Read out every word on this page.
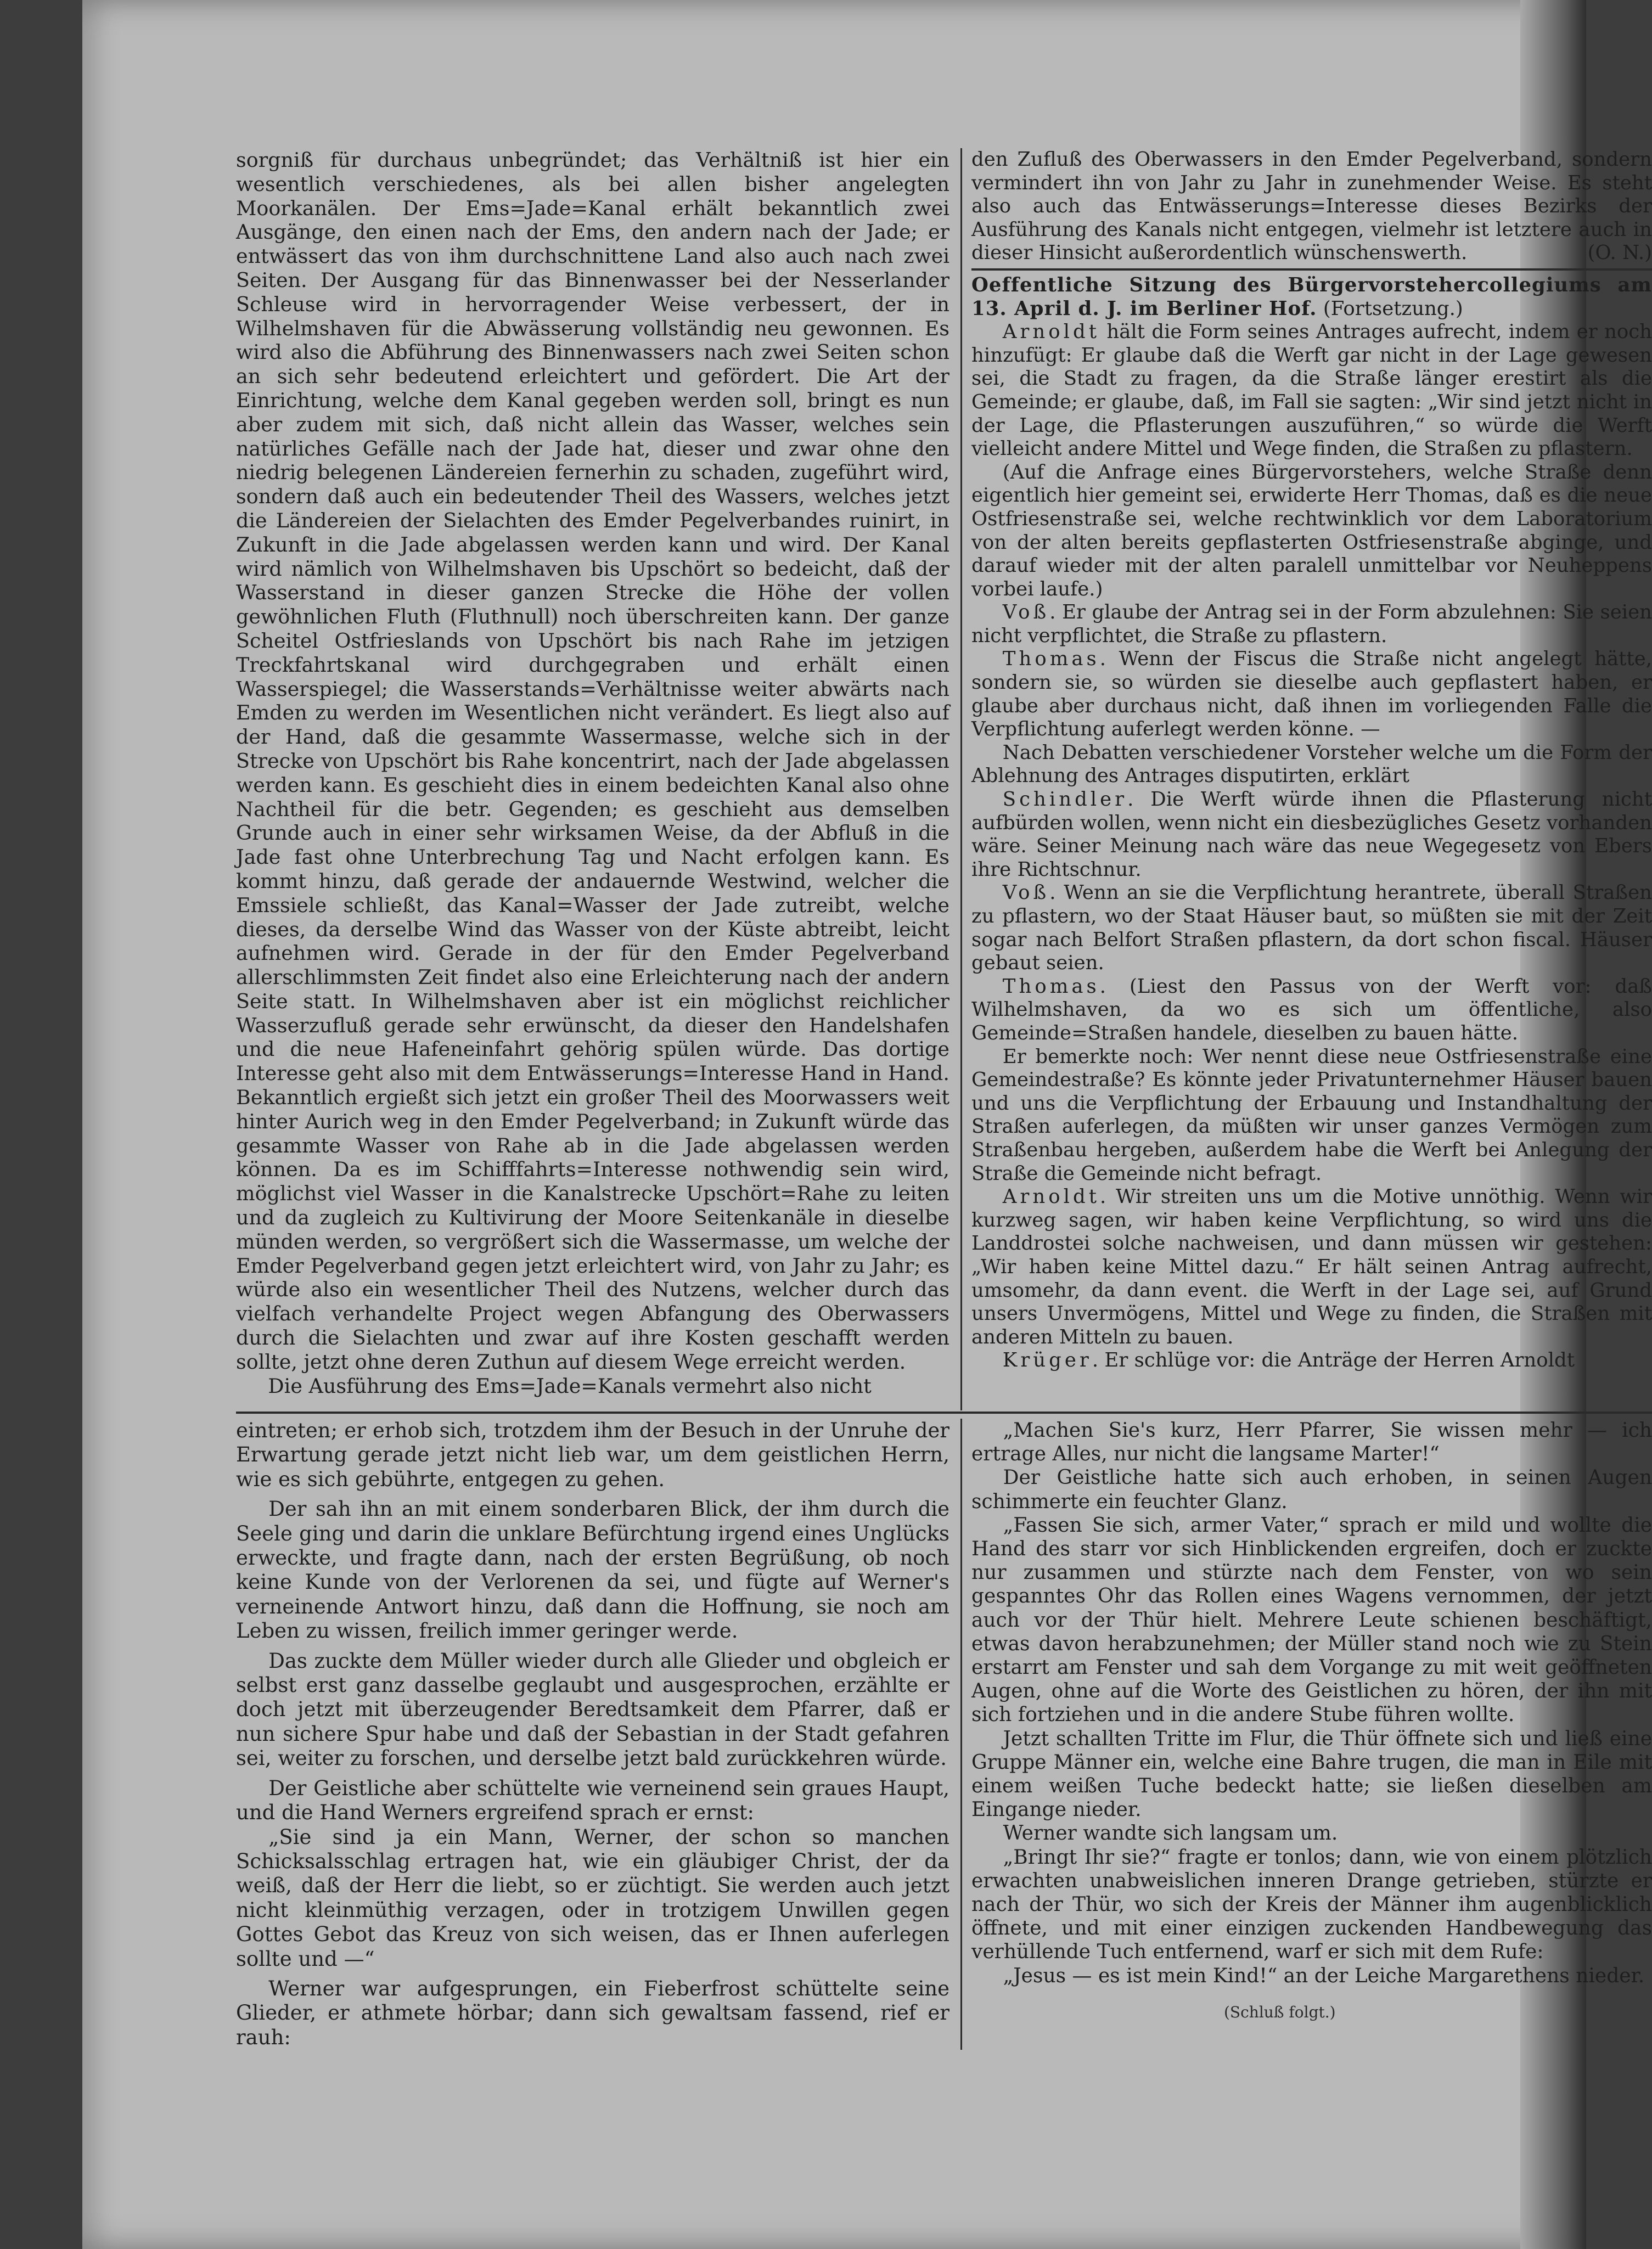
sorgniß für durchaus unbegründet; das Verhältniß ist hier ein wesentlich verschiedenes, als bei allen bisher angelegten Moorkanälen. Der Ems=Jade=Kanal erhält bekanntlich zwei Ausgänge, den einen nach der Ems, den andern nach der Jade; er entwässert das von ihm durchschnittene Land also auch nach zwei Seiten. Der Ausgang für das Binnenwasser bei der Nesserlander Schleuse wird in hervorragender Weise verbessert, der in Wilhelmshaven für die Abwässerung vollständig neu gewonnen. Es wird also die Abführung des Binnenwassers nach zwei Seiten schon an sich sehr bedeutend erleichtert und gefördert. Die Art der Einrichtung, welche dem Kanal gegeben werden soll, bringt es nun aber zudem mit sich, daß nicht allein das Wasser, welches sein natürliches Gefälle nach der Jade hat, dieser und zwar ohne den niedrig belegenen Ländereien fernerhin zu schaden, zugeführt wird, sondern daß auch ein bedeutender Theil des Wassers, welches jetzt die Ländereien der Sielachten des Emder Pegelverbandes ruinirt, in Zukunft in die Jade abgelassen werden kann und wird. Der Kanal wird nämlich von Wilhelmshaven bis Upschört so bedeicht, daß der Wasserstand in dieser ganzen Strecke die Höhe der vollen gewöhnlichen Fluth (Fluthnull) noch überschreiten kann. Der ganze Scheitel Ostfrieslands von Upschört bis nach Rahe im jetzigen Treckfahrtskanal wird durchgegraben und erhält einen Wasserspiegel; die Wasserstands=Verhältnisse weiter abwärts nach Emden zu werden im Wesentlichen nicht verändert. Es liegt also auf der Hand, daß die gesammte Wassermasse, welche sich in der Strecke von Upschört bis Rahe koncentrirt, nach der Jade abgelassen werden kann. Es geschieht dies in einem bedeichten Kanal also ohne Nachtheil für die betr. Gegenden; es geschieht aus demselben Grunde auch in einer sehr wirksamen Weise, da der Abfluß in die Jade fast ohne Unterbrechung Tag und Nacht erfolgen kann. Es kommt hinzu, daß gerade der andauernde Westwind, welcher die Emssiele schließt, das Kanal=Wasser der Jade zutreibt, welche dieses, da derselbe Wind das Wasser von der Küste abtreibt, leicht aufnehmen wird. Gerade in der für den Emder Pegelverband allerschlimmsten Zeit findet also eine Erleichterung nach der andern Seite statt. In Wilhelmshaven aber ist ein möglichst reichlicher Wasserzufluß gerade sehr erwünscht, da dieser den Handelshafen und die neue Hafeneinfahrt gehörig spülen würde. Das dortige Interesse geht also mit dem Entwässerungs=Interesse Hand in Hand. Bekanntlich ergießt sich jetzt ein großer Theil des Moorwassers weit hinter Aurich weg in den Emder Pegelverband; in Zukunft würde das gesammte Wasser von Rahe ab in die Jade abgelassen werden können. Da es im Schifffahrts=Interesse nothwendig sein wird, möglichst viel Wasser in die Kanalstrecke Upschört=Rahe zu leiten und da zugleich zu Kultivirung der Moore Seitenkanäle in dieselbe münden werden, so vergrößert sich die Wassermasse, um welche der Emder Pegelverband gegen jetzt erleichtert wird, von Jahr zu Jahr; es würde also ein wesentlicher Theil des Nutzens, welcher durch das vielfach verhandelte Project wegen Abfangung des Oberwassers durch die Sielachten und zwar auf ihre Kosten geschafft werden sollte, jetzt ohne deren Zuthun auf diesem Wege erreicht werden.

Die Ausführung des Ems=Jade=Kanals vermehrt also nicht

den Zufluß des Oberwassers in den Emder Pegelverband, sondern vermindert ihn von Jahr zu Jahr in zunehmender Weise. Es steht also auch das Entwässerungs=Interesse dieses Bezirks der Ausführung des Kanals nicht entgegen, vielmehr ist letztere auch in dieser Hinsicht außerordentlich wünschenswerth.	(O. N.)

Oeffentliche Sitzung des Bürgervorstehercollegiums am 13. April d. J. im Berliner Hof. (Fortsetzung.)

Arnoldt hält die Form seines Antrages aufrecht, indem er noch hinzufügt: Er glaube daß die Werft gar nicht in der Lage gewesen sei, die Stadt zu fragen, da die Straße länger erestirt als die Gemeinde; er glaube, daß, im Fall sie sagten: „Wir sind jetzt nicht in der Lage, die Pflasterungen auszuführen,“ so würde die Werft vielleicht andere Mittel und Wege finden, die Straßen zu pflastern.

(Auf die Anfrage eines Bürgervorstehers, welche Straße denn eigentlich hier gemeint sei, erwiderte Herr Thomas, daß es die neue Ostfriesenstraße sei, welche rechtwinklich vor dem Laboratorium von der alten bereits gepflasterten Ostfriesenstraße abginge, und darauf wieder mit der alten paralell unmittelbar vor Neuheppens vorbei laufe.)

Voß. Er glaube der Antrag sei in der Form abzulehnen: Sie seien nicht verpflichtet, die Straße zu pflastern.

Thomas. Wenn der Fiscus die Straße nicht angelegt hätte, sondern sie, so würden sie dieselbe auch gepflastert haben, er glaube aber durchaus nicht, daß ihnen im vorliegenden Falle die Verpflichtung auferlegt werden könne. —

Nach Debatten verschiedener Vorsteher welche um die Form der Ablehnung des Antrages disputirten, erklärt

Schindler. Die Werft würde ihnen die Pflasterung nicht aufbürden wollen, wenn nicht ein diesbezügliches Gesetz vorhanden wäre. Seiner Meinung nach wäre das neue Wegegesetz von Ebers ihre Richtschnur.

Voß. Wenn an sie die Verpflichtung herantrete, überall Straßen zu pflastern, wo der Staat Häuser baut, so müßten sie mit der Zeit sogar nach Belfort Straßen pflastern, da dort schon fiscal. Häuser gebaut seien.

Thomas. (Liest den Passus von der Werft vor: daß Wilhelmshaven, da wo es sich um öffentliche, also Gemeinde=Straßen handele, dieselben zu bauen hätte.

Er bemerkte noch: Wer nennt diese neue Ostfriesenstraße eine Gemeindestraße? Es könnte jeder Privatunternehmer Häuser bauen und uns die Verpflichtung der Erbauung und Instandhaltung der Straßen auferlegen, da müßten wir unser ganzes Vermögen zum Straßenbau hergeben, außerdem habe die Werft bei Anlegung der Straße die Gemeinde nicht befragt.

Arnoldt. Wir streiten uns um die Motive unnöthig. Wenn wir kurzweg sagen, wir haben keine Verpflichtung, so wird uns die Landdrostei solche nachweisen, und dann müssen wir gestehen: „Wir haben keine Mittel dazu.“ Er hält seinen Antrag aufrecht, umsomehr, da dann event. die Werft in der Lage sei, auf Grund unsers Unvermögens, Mittel und Wege zu finden, die Straßen mit anderen Mitteln zu bauen.

Krüger. Er schlüge vor: die Anträge der Herren Arnoldt

eintreten; er erhob sich, trotzdem ihm der Besuch in der Unruhe der Erwartung gerade jetzt nicht lieb war, um dem geistlichen Herrn, wie es sich gebührte, entgegen zu gehen.

Der sah ihn an mit einem sonderbaren Blick, der ihm durch die Seele ging und darin die unklare Befürchtung irgend eines Unglücks erweckte, und fragte dann, nach der ersten Begrüßung, ob noch keine Kunde von der Verlorenen da sei, und fügte auf Werner's verneinende Antwort hinzu, daß dann die Hoffnung, sie noch am Leben zu wissen, freilich immer geringer werde.

Das zuckte dem Müller wieder durch alle Glieder und obgleich er selbst erst ganz dasselbe geglaubt und ausgesprochen, erzählte er doch jetzt mit überzeugender Beredtsamkeit dem Pfarrer, daß er nun sichere Spur habe und daß der Sebastian in der Stadt gefahren sei, weiter zu forschen, und derselbe jetzt bald zurückkehren würde.

Der Geistliche aber schüttelte wie verneinend sein graues Haupt, und die Hand Werners ergreifend sprach er ernst:

„Sie sind ja ein Mann, Werner, der schon so manchen Schicksalsschlag ertragen hat, wie ein gläubiger Christ, der da weiß, daß der Herr die liebt, so er züchtigt. Sie werden auch jetzt nicht kleinmüthig verzagen, oder in trotzigem Unwillen gegen Gottes Gebot das Kreuz von sich weisen, das er Ihnen auferlegen sollte und —“

Werner war aufgesprungen, ein Fieberfrost schüttelte seine Glieder, er athmete hörbar; dann sich gewaltsam fassend, rief er rauh:

„Machen Sie's kurz, Herr Pfarrer, Sie wissen mehr — ich ertrage Alles, nur nicht die langsame Marter!“

Der Geistliche hatte sich auch erhoben, in seinen Augen schimmerte ein feuchter Glanz.

„Fassen Sie sich, armer Vater,“ sprach er mild und wollte die Hand des starr vor sich Hinblickenden ergreifen, doch er zuckte nur zusammen und stürzte nach dem Fenster, von wo sein gespanntes Ohr das Rollen eines Wagens vernommen, der jetzt auch vor der Thür hielt. Mehrere Leute schienen beschäftigt, etwas davon herabzunehmen; der Müller stand noch wie zu Stein erstarrt am Fenster und sah dem Vorgange zu mit weit geöffneten Augen, ohne auf die Worte des Geistlichen zu hören, der ihn mit sich fortziehen und in die andere Stube führen wollte.

Jetzt schallten Tritte im Flur, die Thür öffnete sich und ließ eine Gruppe Männer ein, welche eine Bahre trugen, die man in Eile mit einem weißen Tuche bedeckt hatte; sie ließen dieselben am Eingange nieder.

Werner wandte sich langsam um.

„Bringt Ihr sie?“ fragte er tonlos; dann, wie von einem plötzlich erwachten unabweislichen inneren Drange getrieben, stürzte er nach der Thür, wo sich der Kreis der Männer ihm augenblicklich öffnete, und mit einer einzigen zuckenden Handbewegung das verhüllende Tuch entfernend, warf er sich mit dem Rufe:

„Jesus — es ist mein Kind!“ an der Leiche Margarethens nieder.

(Schluß folgt.)
